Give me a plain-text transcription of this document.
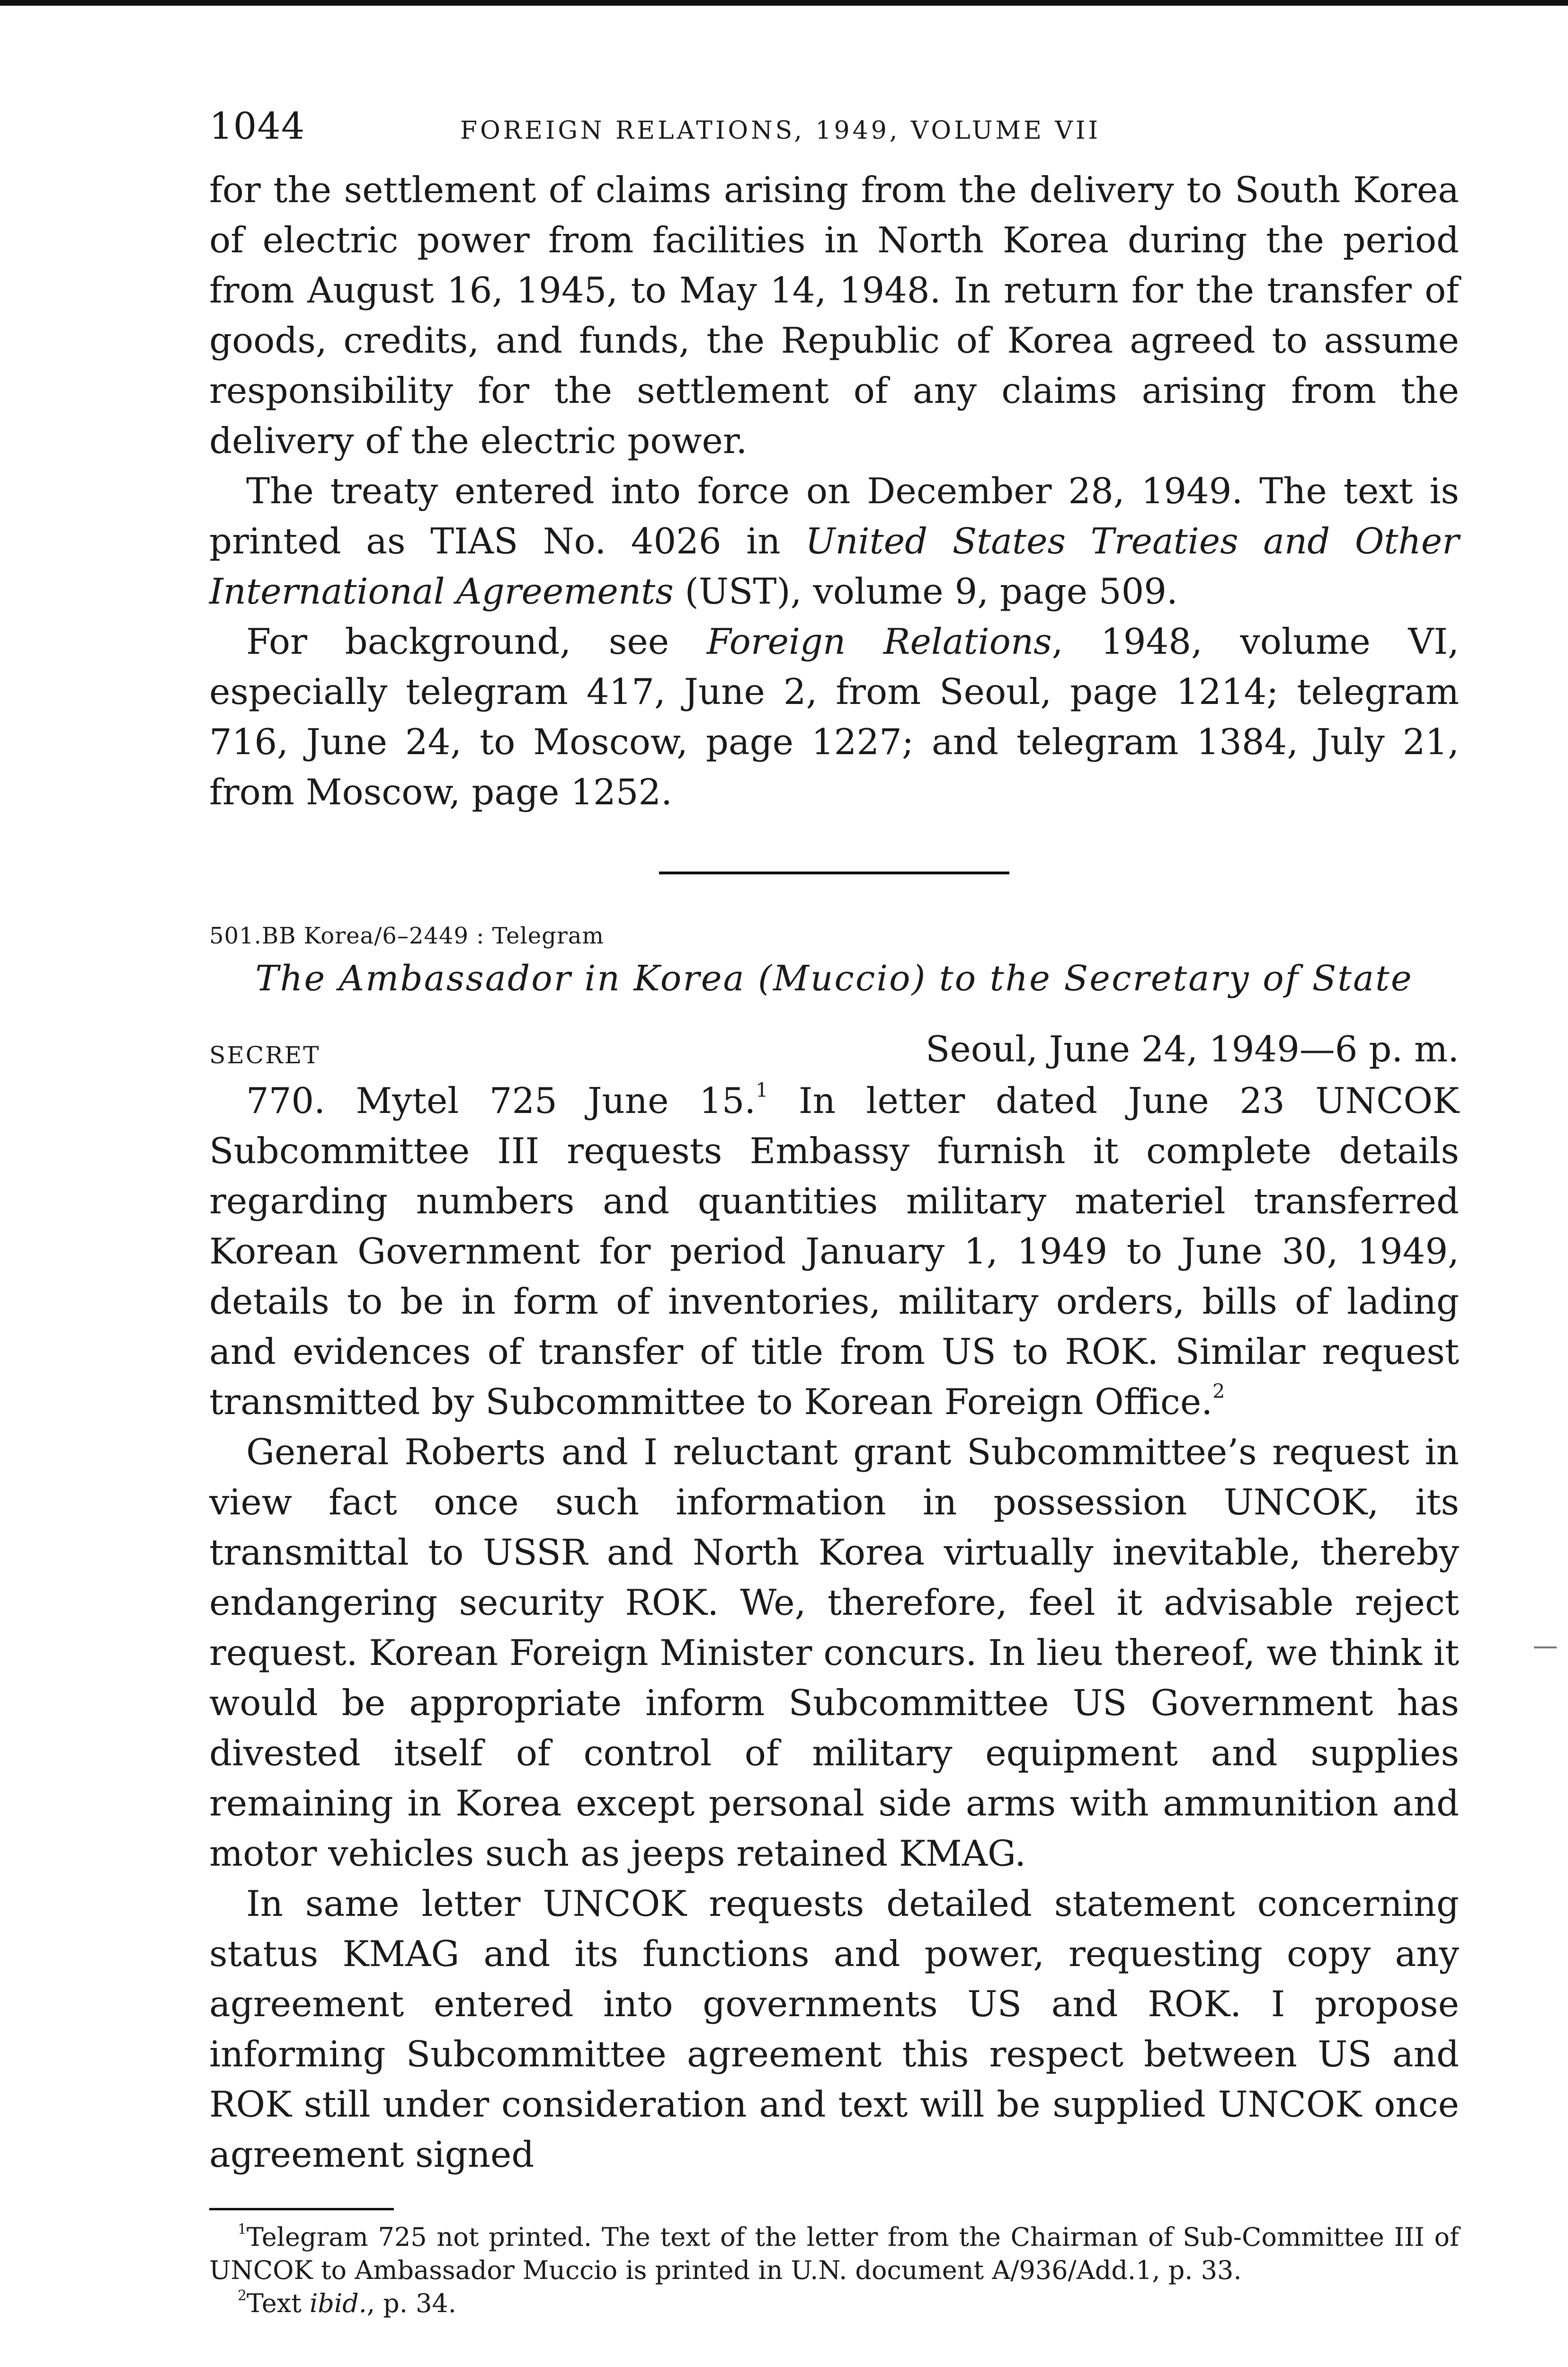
1044	FOREIGN RELATIONS, 1949, VOLUME VII

for the settlement of claims arising from the delivery to South Korea of electric power from facilities in North Korea during the period from August 16, 1945, to May 14, 1948. In return for the transfer of goods, credits, and funds, the Republic of Korea agreed to assume responsibility for the settlement of any claims arising from the delivery of the electric power.

The treaty entered into force on December 28, 1949. The text is printed as TIAS No. 4026 in United States Treaties and Other International Agreements (UST), volume 9, page 509.

For background, see Foreign Relations, 1948, volume VI, especially telegram 417, June 2, from Seoul, page 1214; telegram 716, June 24, to Moscow, page 1227; and telegram 1384, July 21, from Moscow, page 1252.

501.BB Korea/6–2449 : Telegram

The Ambassador in Korea (Muccio) to the Secretary of State

SECRET	Seoul, June 24, 1949—6 p. m.

770. Mytel 725 June 15.$^1$ In letter dated June 23 UNCOK Subcommittee III requests Embassy furnish it complete details regarding numbers and quantities military materiel transferred Korean Government for period January 1, 1949 to June 30, 1949, details to be in form of inventories, military orders, bills of lading and evidences of transfer of title from US to ROK. Similar request transmitted by Subcommittee to Korean Foreign Office.$^2$

General Roberts and I reluctant grant Subcommittee’s request in view fact once such information in possession UNCOK, its transmittal to USSR and North Korea virtually inevitable, thereby endangering security ROK. We, therefore, feel it advisable reject request. Korean Foreign Minister concurs. In lieu thereof, we think it would be appropriate inform Subcommittee US Government has divested itself of control of military equipment and supplies remaining in Korea except personal side arms with ammunition and motor vehicles such as jeeps retained KMAG.

In same letter UNCOK requests detailed statement concerning status KMAG and its functions and power, requesting copy any agreement entered into governments US and ROK. I propose informing Subcommittee agreement this respect between US and ROK still under consideration and text will be supplied UNCOK once agreement signed

$^1$Telegram 725 not printed. The text of the letter from the Chairman of Sub-Committee III of UNCOK to Ambassador Muccio is printed in U.N. document A/936/Add.1, p. 33.

$^2$Text ibid., p. 34.
